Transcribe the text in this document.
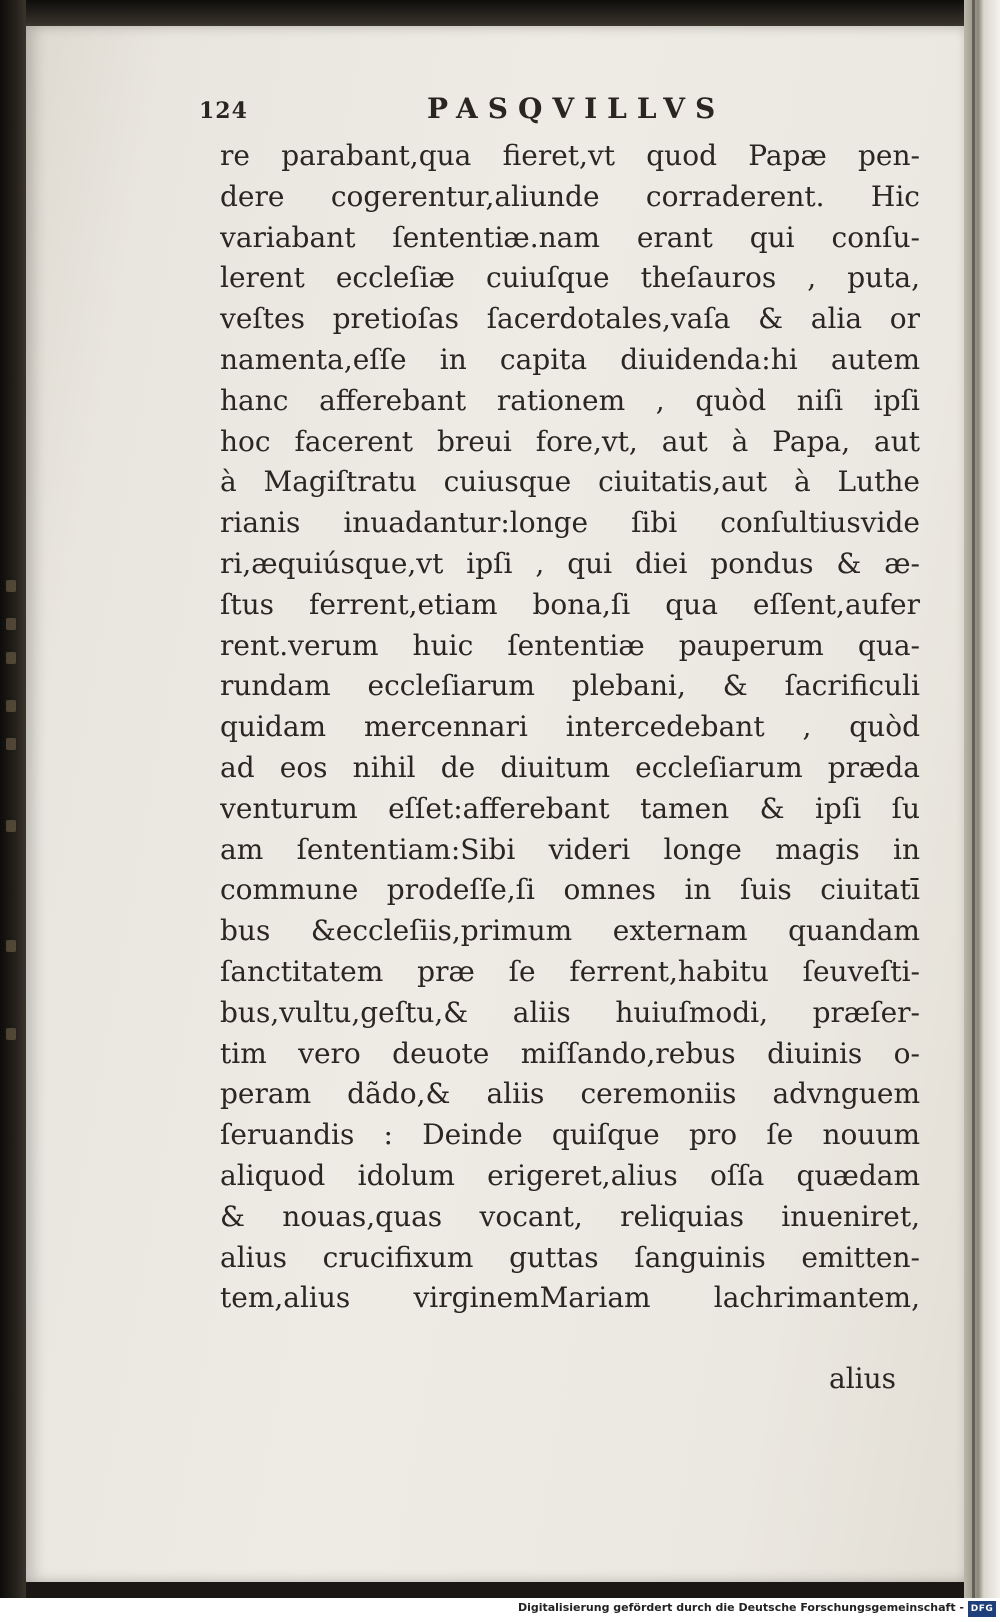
124	PASQVILLVS
re parabant,qua fieret,vt quod Papæ pen-
dere cogerentur,aliunde corraderent. Hic
variabant ſententiæ.nam erant qui conſu-
lerent eccleſiæ cuiuſque theſauros , puta,
veſtes pretioſas ſacerdotales,vaſa & alia or
namenta,eſſe in capita diuidenda:hi autem
hanc afferebant rationem , quòd niſi ipſi
hoc facerent breui fore,vt, aut à Papa, aut
à Magiſtratu cuiusque ciuitatis,aut à Luthe
rianis inuadantur:longe ſibi conſultiusvide
ri,æquiúsque,vt ipſi , qui diei pondus & æ-
ſtus ferrent,etiam bona,ſi qua eſſent,aufer
rent.verum huic ſententiæ pauperum qua-
rundam eccleſiarum plebani, & ſacrificuli
quidam mercennari intercedebant , quòd
ad eos nihil de diuitum eccleſiarum præda
venturum eſſet:afferebant tamen & ipſi ſu
am ſententiam:Sibi videri longe magis in
commune prodeſſe,ſi omnes in ſuis ciuitatī
bus &eccleſiis,primum externam quandam
ſanctitatem præ ſe ferrent,habitu ſeuveſti-
bus,vultu,geſtu,& aliis huiuſmodi, præſer-
tim vero deuote miſſando,rebus diuinis o-
peram dãdo,& aliis ceremoniis advnguem
ſeruandis : Deinde quiſque pro ſe nouum
aliquod idolum erigeret,alius oſſa quædam
& nouas,quas vocant, reliquias inueniret,
alius crucifixum guttas ſanguinis emitten-
tem,alius virginemMariam lachrimantem,
alius
Digitalisierung gefördert durch die Deutsche Forschungsgemeinschaft - DFG
